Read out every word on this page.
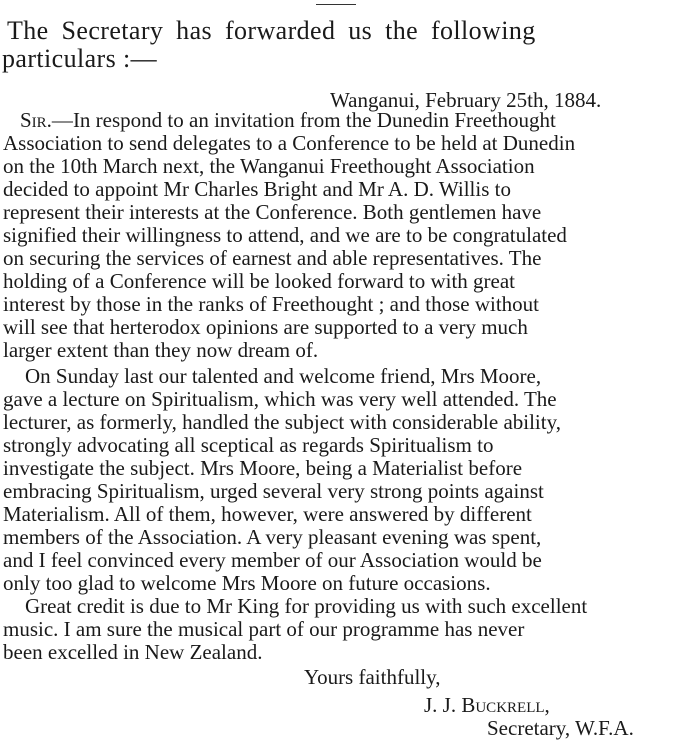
The Secretary has forwarded us the following
particulars :—
Wanganui, February 25th, 1884.
Sir.—In respond to an invitation from the Dunedin Freethought
Association to send delegates to a Conference to be held at Dunedin
on the 10th March next, the Wanganui Freethought Association
decided to appoint Mr Charles Bright and Mr A. D. Willis to
represent their interests at the Conference. Both gentlemen have
signified their willingness to attend, and we are to be congratulated
on securing the services of earnest and able representatives. The
holding of a Conference will be looked forward to with great
interest by those in the ranks of Freethought ; and those without
will see that herterodox opinions are supported to a very much
larger extent than they now dream of.
On Sunday last our talented and welcome friend, Mrs Moore,
gave a lecture on Spiritualism, which was very well attended. The
lecturer, as formerly, handled the subject with considerable ability,
strongly advocating all sceptical as regards Spiritualism to
investigate the subject. Mrs Moore, being a Materialist before
embracing Spiritualism, urged several very strong points against
Materialism. All of them, however, were answered by different
members of the Association. A very pleasant evening was spent,
and I feel convinced every member of our Association would be
only too glad to welcome Mrs Moore on future occasions.
Great credit is due to Mr King for providing us with such excellent
music. I am sure the musical part of our programme has never
been excelled in New Zealand.
Yours faithfully,
J. J. Buckrell,
Secretary, W.F.A.
